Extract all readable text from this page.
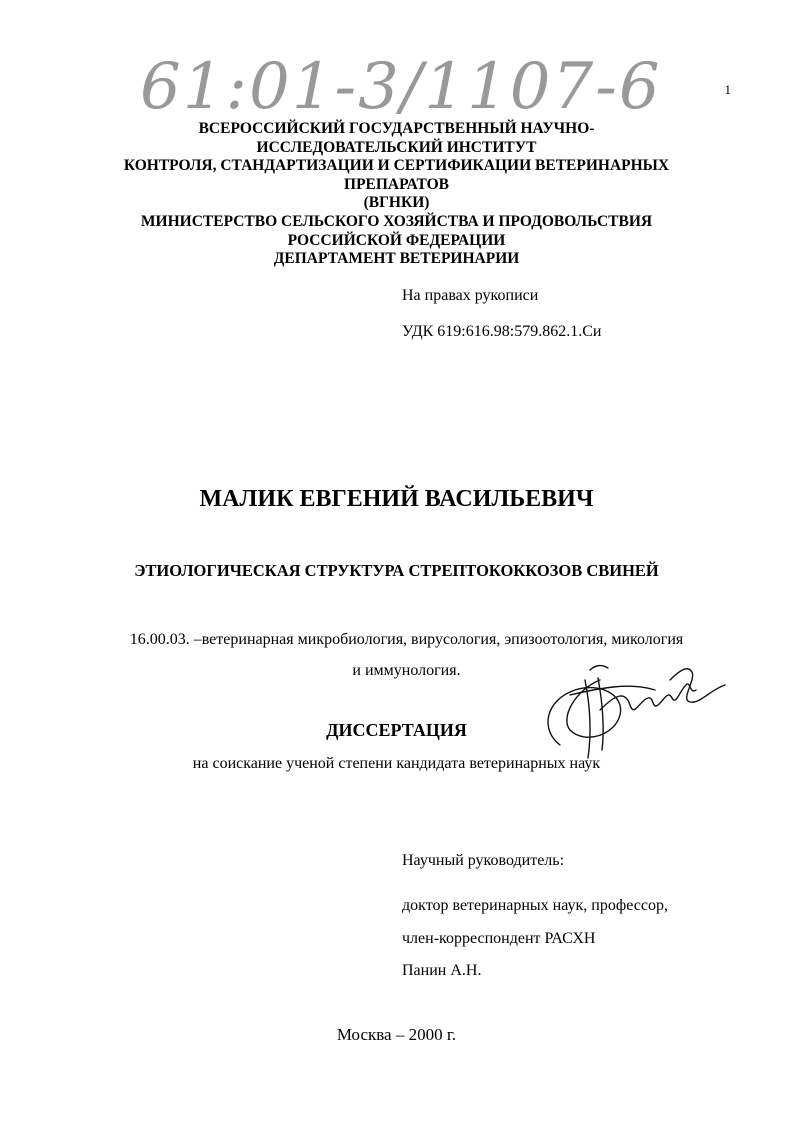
61:01-3/1107-6	1
ВСЕРОССИЙСКИЙ ГОСУДАРСТВЕННЫЙ НАУЧНО-
ИССЛЕДОВАТЕЛЬСКИЙ ИНСТИТУТ
КОНТРОЛЯ, СТАНДАРТИЗАЦИИ И СЕРТИФИКАЦИИ ВЕТЕРИНАРНЫХ
ПРЕПАРАТОВ
(ВГНКИ)
МИНИСТЕРСТВО СЕЛЬСКОГО ХОЗЯЙСТВА И ПРОДОВОЛЬСТВИЯ
РОССИЙСКОЙ ФЕДЕРАЦИИ
ДЕПАРТАМЕНТ ВЕТЕРИНАРИИ
На правах рукописи
УДК 619:616.98:579.862.1.Си
МАЛИК ЕВГЕНИЙ ВАСИЛЬЕВИЧ
ЭТИОЛОГИЧЕСКАЯ СТРУКТУРА СТРЕПТОКОККОЗОВ СВИНЕЙ
16.00.03. –ветеринарная микробиология, вирусология, эпизоотология, микология
и иммунология.
ДИССЕРТАЦИЯ
на соискание ученой степени кандидата ветеринарных наук
Научный руководитель:
доктор ветеринарных наук, профессор,
член-корреспондент РАСХН
Панин А.Н.
Москва – 2000 г.
